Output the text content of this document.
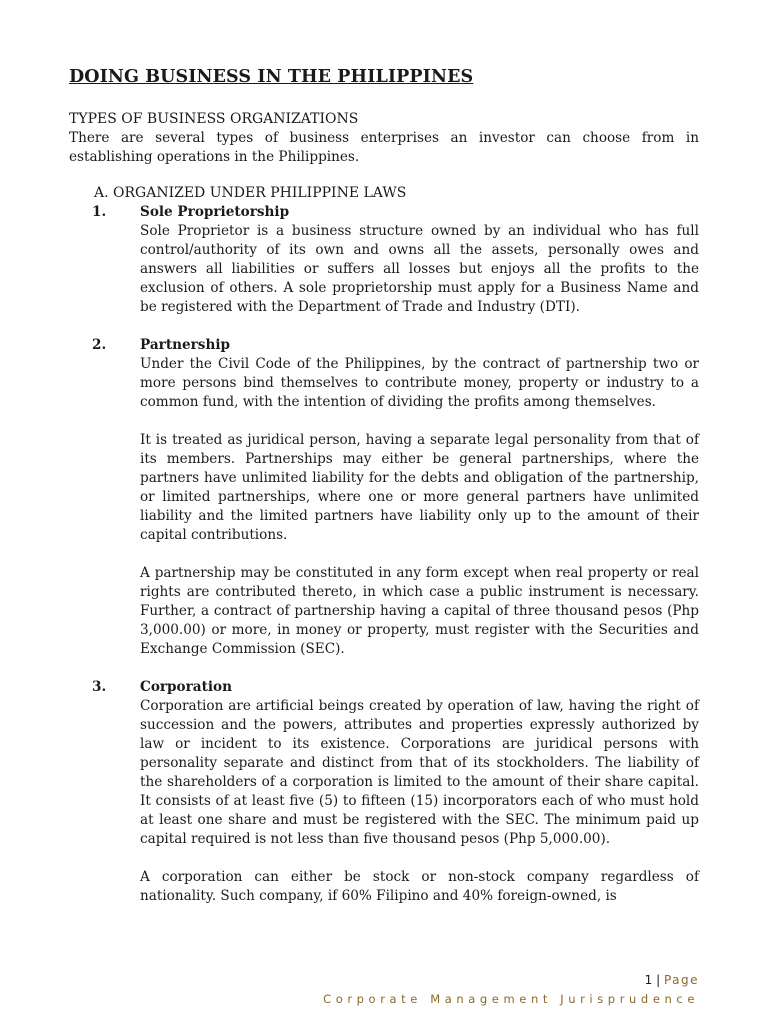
DOING BUSINESS IN THE PHILIPPINES
TYPES OF BUSINESS ORGANIZATIONS

There are several types of business enterprises an investor can choose from in establishing operations in the Philippines.

A. ORGANIZED UNDER PHILIPPINE LAWS
1. Sole Proprietorship

Sole Proprietor is a business structure owned by an individual who has full control/authority of its own and owns all the assets, personally owes and answers all liabilities or suffers all losses but enjoys all the profits to the exclusion of others. A sole proprietorship must apply for a Business Name and be registered with the Department of Trade and Industry (DTI).

2. Partnership

Under the Civil Code of the Philippines, by the contract of partnership two or more persons bind themselves to contribute money, property or industry to a common fund, with the intention of dividing the profits among themselves.

It is treated as juridical person, having a separate legal personality from that of its members. Partnerships may either be general partnerships, where the partners have unlimited liability for the debts and obligation of the partnership, or limited partnerships, where one or more general partners have unlimited liability and the limited partners have liability only up to the amount of their capital contributions.

A partnership may be constituted in any form except when real property or real rights are contributed thereto, in which case a public instrument is necessary. Further, a contract of partnership having a capital of three thousand pesos (Php 3,000.00) or more, in money or property, must register with the Securities and Exchange Commission (SEC).

3. Corporation

Corporation are artificial beings created by operation of law, having the right of succession and the powers, attributes and properties expressly authorized by law or incident to its existence. Corporations are juridical persons with personality separate and distinct from that of its stockholders. The liability of the shareholders of a corporation is limited to the amount of their share capital. It consists of at least five (5) to fifteen (15) incorporators each of who must hold at least one share and must be registered with the SEC. The minimum paid up capital required is not less than five thousand pesos (Php 5,000.00).

A corporation can either be stock or non-stock company regardless of nationality. Such company, if 60% Filipino and 40% foreign-owned, is

1 | Page
Corporate Management Jurisprudence
